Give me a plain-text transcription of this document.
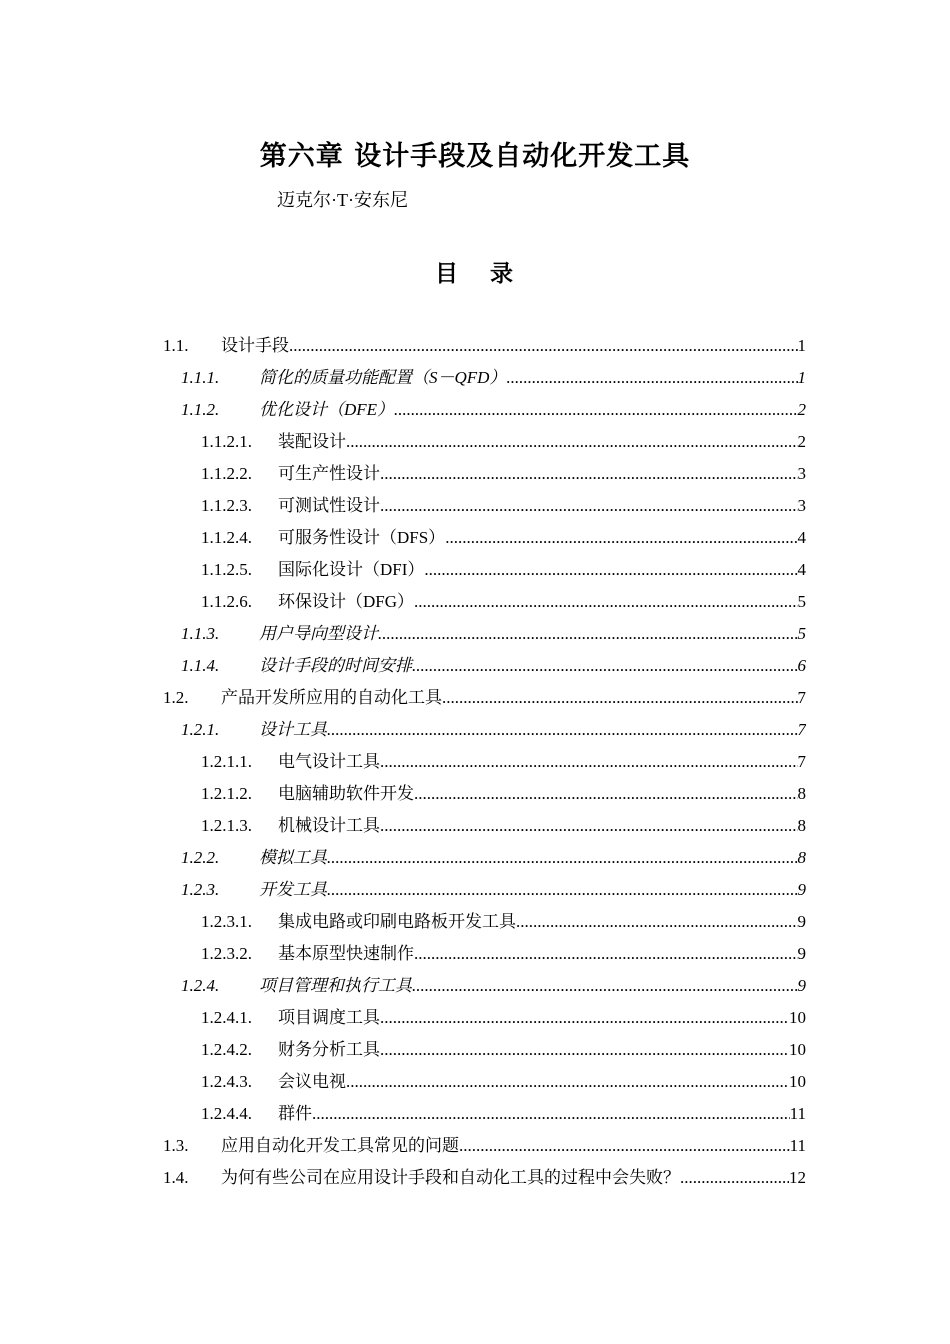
第六章 设计手段及自动化开发工具
迈克尔·T·安东尼
目 录
1.1. 设计手段 .....	1
1.1.1. 简化的质量功能配置（S－QFD） .....	1
1.1.2. 优化设计（DFE） .....	2
1.1.2.1. 装配设计 .....	2
1.1.2.2. 可生产性设计 .....	3
1.1.2.3. 可测试性设计 .....	3
1.1.2.4. 可服务性设计（DFS） .....	4
1.1.2.5. 国际化设计（DFI） .....	4
1.1.2.6. 环保设计（DFG） .....	5
1.1.3. 用户导向型设计 .....	5
1.1.4. 设计手段的时间安排 .....	6
1.2. 产品开发所应用的自动化工具 .....	7
1.2.1. 设计工具 .....	7
1.2.1.1. 电气设计工具 .....	7
1.2.1.2. 电脑辅助软件开发 .....	8
1.2.1.3. 机械设计工具 .....	8
1.2.2. 模拟工具 .....	8
1.2.3. 开发工具 .....	9
1.2.3.1. 集成电路或印刷电路板开发工具 .....	9
1.2.3.2. 基本原型快速制作 .....	9
1.2.4. 项目管理和执行工具 .....	9
1.2.4.1. 项目调度工具 .....	10
1.2.4.2. 财务分析工具 .....	10
1.2.4.3. 会议电视 .....	10
1.2.4.4. 群件 .....	11
1.3. 应用自动化开发工具常见的问题 .....	11
1.4. 为何有些公司在应用设计手段和自动化工具的过程中会失败？ .....	12
